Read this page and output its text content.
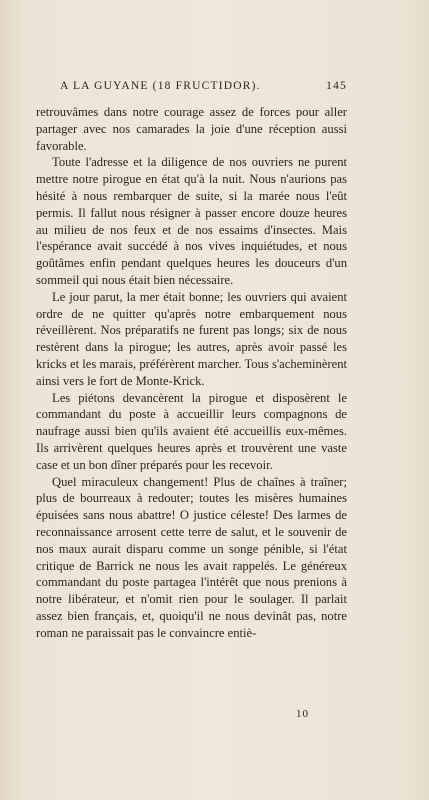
A LA GUYANE (18 FRUCTIDOR).	145

retrouvâmes dans notre courage assez de forces pour aller partager avec nos camarades la joie d'une réception aussi favorable.

Toute l'adresse et la diligence de nos ouvriers ne purent mettre notre pirogue en état qu'à la nuit. Nous n'aurions pas hésité à nous rembarquer de suite, si la marée nous l'eût permis. Il fallut nous résigner à passer encore douze heures au milieu de nos feux et de nos essaims d'insectes. Mais l'espérance avait succédé à nos vives inquiétudes, et nous goûtâmes enfin pendant quelques heures les douceurs d'un sommeil qui nous était bien nécessaire.

Le jour parut, la mer était bonne; les ouvriers qui avaient ordre de ne quitter qu'après notre embarquement nous réveillèrent. Nos préparatifs ne furent pas longs; six de nous restèrent dans la pirogue; les autres, après avoir passé les kricks et les marais, préférèrent marcher. Tous s'acheminèrent ainsi vers le fort de Monte-Krick.

Les piétons devancèrent la pirogue et disposèrent le commandant du poste à accueillir leurs compagnons de naufrage aussi bien qu'ils avaient été accueillis eux-mêmes. Ils arrivèrent quelques heures après et trouvèrent une vaste case et un bon dîner préparés pour les recevoir.

Quel miraculeux changement! Plus de chaînes à traîner; plus de bourreaux à redouter; toutes les misères humaines épuisées sans nous abattre! O justice céleste! Des larmes de reconnaissance arrosent cette terre de salut, et le souvenir de nos maux aurait disparu comme un songe pénible, si l'état critique de Barrick ne nous les avait rappelés. Le généreux commandant du poste partagea l'intérêt que nous prenions à notre libérateur, et n'omit rien pour le soulager. Il parlait assez bien français, et, quoiqu'il ne nous devinât pas, notre roman ne paraissait pas le convaincre entiè-

10
